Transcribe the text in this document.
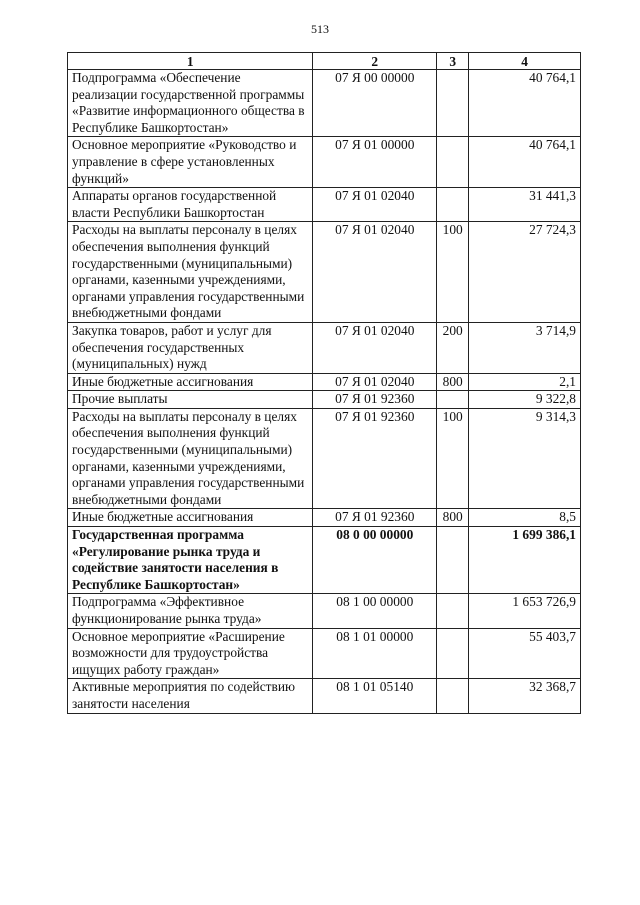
513
1	2	3	4
Подпрограмма «Обеспечение реализации государственной программы «Развитие информационного общества в Республике Башкортостан»	07 Я 00 00000		40 764,1
Основное мероприятие «Руководство и управление в сфере установленных функций»	07 Я 01 00000		40 764,1
Аппараты органов государственной власти Республики Башкортостан	07 Я 01 02040		31 441,3
Расходы на выплаты персоналу в целях обеспечения выполнения функций государственными (муниципальными) органами, казенными учреждениями, органами управления государственными внебюджетными фондами	07 Я 01 02040	100	27 724,3
Закупка товаров, работ и услуг для обеспечения государственных (муниципальных) нужд	07 Я 01 02040	200	3 714,9
Иные бюджетные ассигнования	07 Я 01 02040	800	2,1
Прочие выплаты	07 Я 01 92360		9 322,8
Расходы на выплаты персоналу в целях обеспечения выполнения функций государственными (муниципальными) органами, казенными учреждениями, органами управления государственными внебюджетными фондами	07 Я 01 92360	100	9 314,3
Иные бюджетные ассигнования	07 Я 01 92360	800	8,5
Государственная программа «Регулирование рынка труда и содействие занятости населения в Республике Башкортостан»	08 0 00 00000		1 699 386,1
Подпрограмма «Эффективное функционирование рынка труда»	08 1 00 00000		1 653 726,9
Основное мероприятие «Расширение возможности для трудоустройства ищущих работу граждан»	08 1 01 00000		55 403,7
Активные мероприятия по содействию занятости населения	08 1 01 05140		32 368,7
